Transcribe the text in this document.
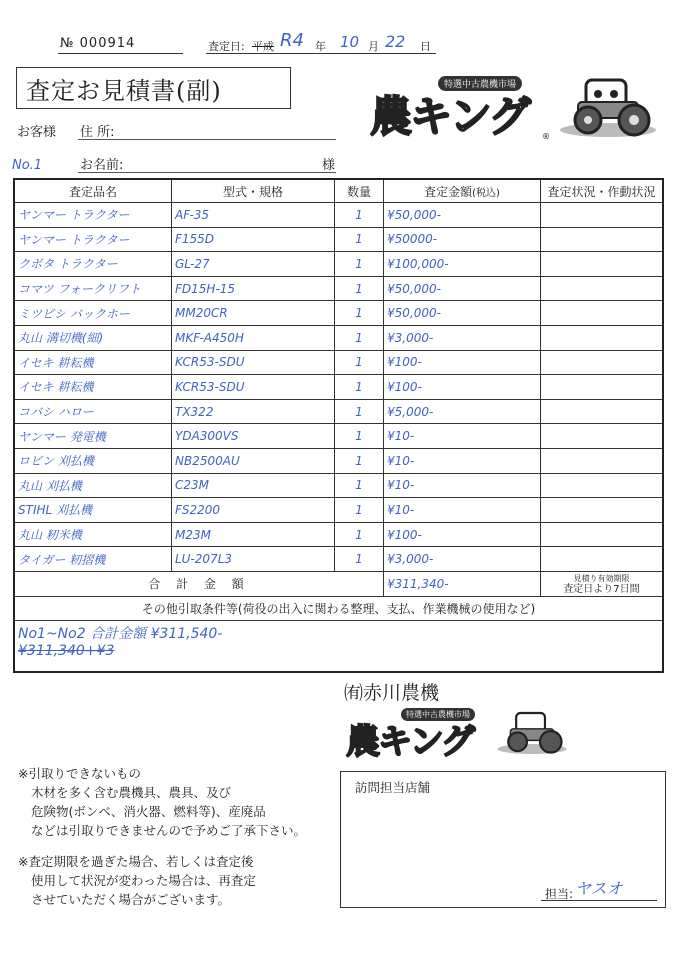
№ 000914	査定日: 平成 R4 年 10 月 22 日
査定お見積書(副)	特選中古農機市場
農キング ®
お客様 住 所:
No.1	お名前:	様
査定品名	型式・規格	数量	査定金額(税込)	査定状況・作動状況
ヤンマー トラクター	AF-35	1	¥50,000-	
ヤンマー トラクター	F155D	1	¥50000-	
クボタ トラクター	GL-27	1	¥100,000-	
コマツ フォークリフト	FD15H-15	1	¥50,000-	
ミツビシ バックホー	MM20CR	1	¥50,000-	
丸山 溝切機(細)	MKF-A450H	1	¥3,000-	
イセキ 耕耘機	KCR53-SDU	1	¥100-	
イセキ 耕耘機	KCR53-SDU	1	¥100-	
コバシ ハロー	TX322	1	¥5,000-	
ヤンマー 発電機	YDA300VS	1	¥10-	
ロビン 刈払機	NB2500AU	1	¥10-	
丸山 刈払機	C23M	1	¥10-	
STIHL 刈払機	FS2200	1	¥10-	
丸山 籾米機	M23M	1	¥100-	
タイガー 籾摺機	LU-207L3	1	¥3,000-	
合 計 金 額			¥311,340-	見積り有効期限
査定日より7日間

その他引取条件等(荷役の出入に関わる整理、支払、作業機械の使用など)				

No1~No2 合計金額 ¥311,540-
¥311,340+¥3				
㈲赤川農機
特選中古農機市場
農キング
※引取りできないもの
木材を多く含む農機具、農具、及び
危険物(ボンベ、消火器、燃料等)、産廃品
などは引取りできませんので予めご了承下さい。
※査定期限を過ぎた場合、若しくは査定後
使用して状況が変わった場合は、再査定
させていただく場合がございます。
訪問担当店舗
担当: ヤスオ
